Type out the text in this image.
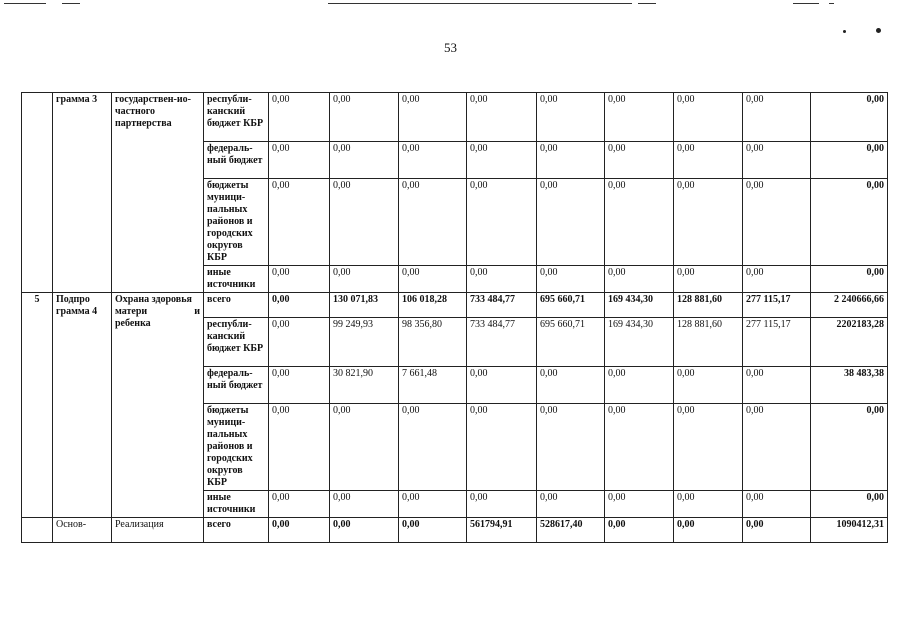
53
	грамма 3	государствен-ио-частного партнерства	республи-канский бюджет КБР	0,00	0,00	0,00	0,00	0,00	0,00	0,00	0,00	0,00
			федераль-ный бюджет	0,00	0,00	0,00	0,00	0,00	0,00	0,00	0,00	0,00
			бюджеты муници-пальных районов и городских округов КБР	0,00	0,00	0,00	0,00	0,00	0,00	0,00	0,00	0,00
			иные источники	0,00	0,00	0,00	0,00	0,00	0,00	0,00	0,00	0,00
5	Подпро грамма 4	Охрана здоровья
матери и
ребенка	всего	0,00	130 071,83	106 018,28	733 484,77	695 660,71	169 434,30	128 881,60	277 115,17	2 240666,66
			республи-канский бюджет КБР	0,00	99 249,93	98 356,80	733 484,77	695 660,71	169 434,30	128 881,60	277 115,17	2202183,28
			федераль-ный бюджет	0,00	30 821,90	7 661,48	0,00	0,00	0,00	0,00	0,00	38 483,38
			бюджеты муници-пальных районов и городских округов КБР	0,00	0,00	0,00	0,00	0,00	0,00	0,00	0,00	0,00
			иные источники	0,00	0,00	0,00	0,00	0,00	0,00	0,00	0,00	0,00
	Основ-	Реализация	всего	0,00	0,00	0,00	561794,91	528617,40	0,00	0,00	0,00	1090412,31
